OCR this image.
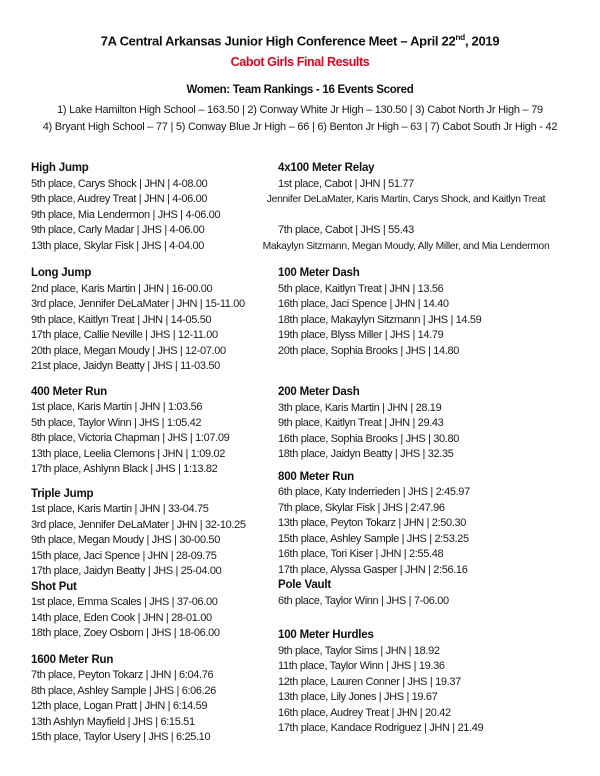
7A Central Arkansas Junior High Conference Meet – April 22nd, 2019
Cabot Girls Final Results
Women: Team Rankings - 16 Events Scored
1) Lake Hamilton High School – 163.50 | 2) Conway White Jr High – 130.50 | 3) Cabot North Jr High – 79
4) Bryant High School – 77 | 5) Conway Blue Jr High – 66 | 6) Benton Jr High – 63 | 7) Cabot South Jr High - 42
High Jump
5th place, Carys Shock | JHN | 4-08.00
9th place, Audrey Treat | JHN | 4-06.00
9th place, Mia Lendermon | JHS | 4-06.00
9th place, Carly Madar | JHS | 4-06.00
13th place, Skylar Fisk | JHS | 4-04.00
Long Jump
2nd place, Karis Martin | JHN | 16-00.00
3rd place, Jennifer DeLaMater | JHN | 15-11.00
9th place, Kaitlyn Treat | JHN | 14-05.50
17th place, Callie Neville | JHS | 12-11.00
20th place, Megan Moudy | JHS | 12-07.00
21st place, Jaidyn Beatty | JHS | 11-03.50
400 Meter Run
1st place, Karis Martin | JHN | 1:03.56
5th place, Taylor Winn | JHS | 1:05.42
8th place, Victoria Chapman | JHS | 1:07.09
13th place, Leelia Clemons | JHN | 1:09.02
17th place, Ashlynn Black | JHS | 1:13.82
Triple Jump
1st place, Karis Martin | JHN | 33-04.75
3rd place, Jennifer DeLaMater | JHN | 32-10.25
9th place, Megan Moudy | JHS | 30-00.50
15th place, Jaci Spence | JHN | 28-09.75
17th place, Jaidyn Beatty | JHS | 25-04.00
Shot Put
1st place, Emma Scales | JHS | 37-06.00
14th place, Eden Cook | JHN | 28-01.00
18th place, Zoey Osborn | JHS | 18-06.00
1600 Meter Run
7th place, Peyton Tokarz | JHN | 6:04.76
8th place, Ashley Sample | JHS | 6:06.26
12th place, Logan Pratt | JHN | 6:14.59
13th Ashlyn Mayfield | JHS | 6:15.51
15th place, Taylor Usery | JHS | 6:25.10
4x100 Meter Relay
1st place, Cabot | JHN | 51.77
Jennifer DeLaMater, Karis Martin, Carys Shock, and Kaitlyn Treat

7th place, Cabot | JHS | 55.43
Makaylyn Sitzmann, Megan Moudy, Ally Miller, and Mia Lendermon
100 Meter Dash
5th place, Kaitlyn Treat | JHN | 13.56
16th place, Jaci Spence | JHN | 14.40
18th place, Makaylyn Sitzmann | JHS | 14.59
19th place, Blyss Miller | JHS | 14.79
20th place, Sophia Brooks | JHS | 14.80
200 Meter Dash
3th place, Karis Martin | JHN | 28.19
9th place, Kaitlyn Treat | JHN | 29.43
16th place, Sophia Brooks | JHS | 30.80
18th place, Jaidyn Beatty | JHS | 32.35
800 Meter Run
6th place, Katy Inderrieden | JHS | 2:45.97
7th place, Skylar Fisk | JHS | 2:47.96
13th place, Peyton Tokarz | JHN | 2:50.30
15th place, Ashley Sample | JHS | 2:53.25
16th place, Tori Kiser | JHN | 2:55.48
17th place, Alyssa Gasper | JHN | 2:56.16
Pole Vault
6th place, Taylor Winn | JHS | 7-06.00
100 Meter Hurdles
9th place, Taylor Sims | JHN | 18.92
11th place, Taylor Winn | JHS | 19.36
12th place, Lauren Conner | JHS | 19.37
13th place, Lily Jones | JHS | 19.67
16th place, Audrey Treat | JHN | 20.42
17th place, Kandace Rodriguez | JHN | 21.49
